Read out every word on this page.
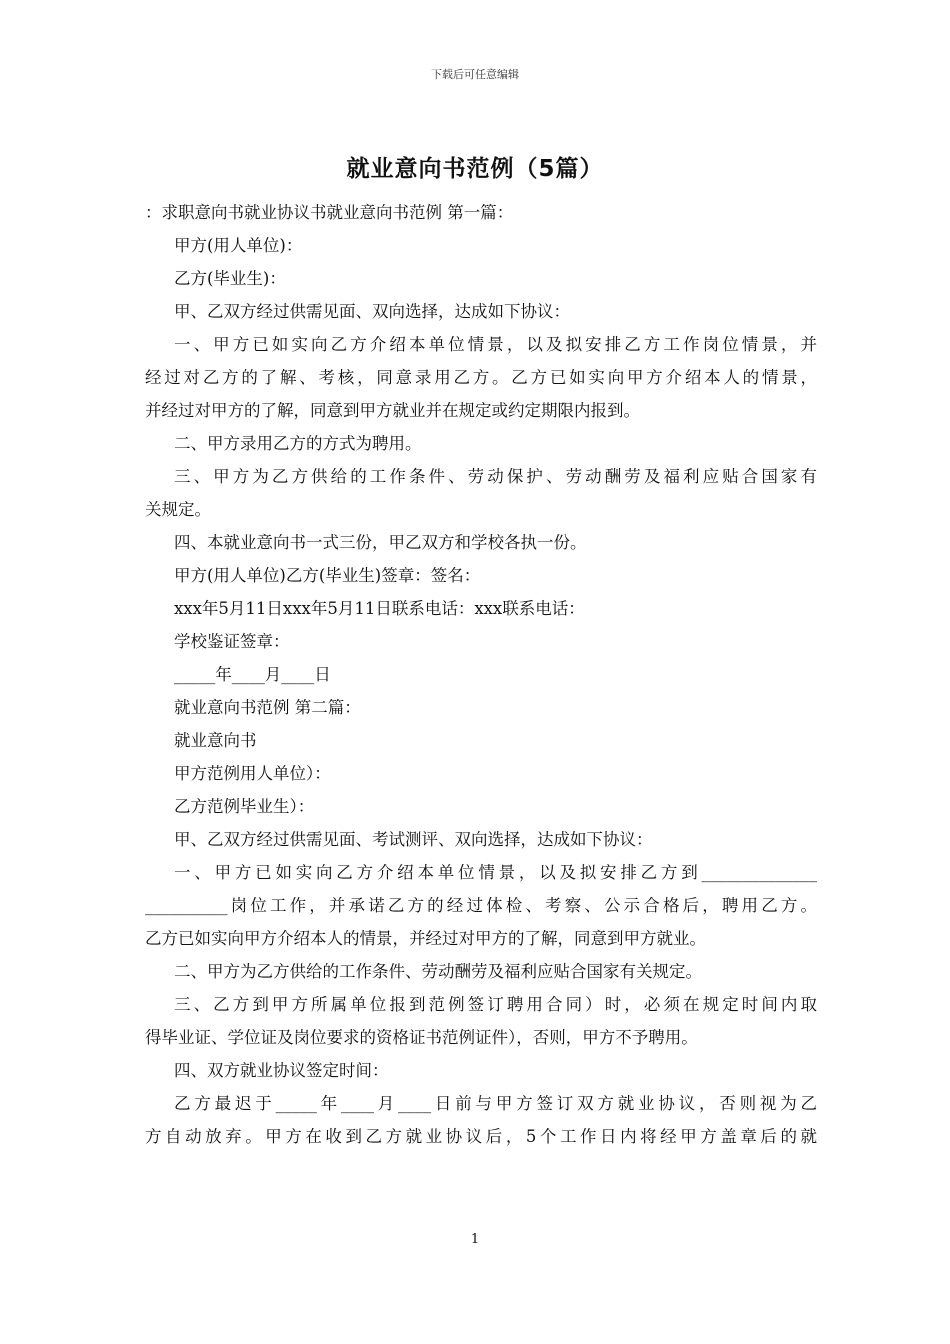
下载后可任意编辑
就业意向书范例（5篇）

：求职意向书就业协议书就业意向书范例 第一篇：

甲方(用人单位)：

乙方(毕业生)：

甲、乙双方经过供需见面、双向选择，达成如下协议：

一、甲方已如实向乙方介绍本单位情景，以及拟安排乙方工作岗位情景，并

经过对乙方的了解、考核，同意录用乙方。乙方已如实向甲方介绍本人的情景，

并经过对甲方的了解，同意到甲方就业并在规定或约定期限内报到。

二、甲方录用乙方的方式为聘用。

三、甲方为乙方供给的工作条件、劳动保护、劳动酬劳及福利应贴合国家有

关规定。

四、本就业意向书一式三份，甲乙双方和学校各执一份。

甲方(用人单位)乙方(毕业生)签章：签名：

xxx年5月11日xxx年5月11日联系电话：xxx联系电话：

学校鉴证签章：

_____年____月____日

就业意向书范例 第二篇：

就业意向书

甲方范例用人单位）：

乙方范例毕业生）：

甲、乙双方经过供需见面、考试测评、双向选择，达成如下协议：

一、甲方已如实向乙方介绍本单位情景，以及拟安排乙方到______________

__________岗位工作，并承诺乙方的经过体检、考察、公示合格后，聘用乙方。

乙方已如实向甲方介绍本人的情景，并经过对甲方的了解，同意到甲方就业。

二、甲方为乙方供给的工作条件、劳动酬劳及福利应贴合国家有关规定。

三、乙方到甲方所属单位报到范例签订聘用合同）时，必须在规定时间内取

得毕业证、学位证及岗位要求的资格证书范例证件），否则，甲方不予聘用。

四、双方就业协议签定时间：

乙方最迟于_____年____月____日前与甲方签订双方就业协议，否则视为乙

方自动放弃。甲方在收到乙方就业协议后，5个工作日内将经甲方盖章后的就

1
